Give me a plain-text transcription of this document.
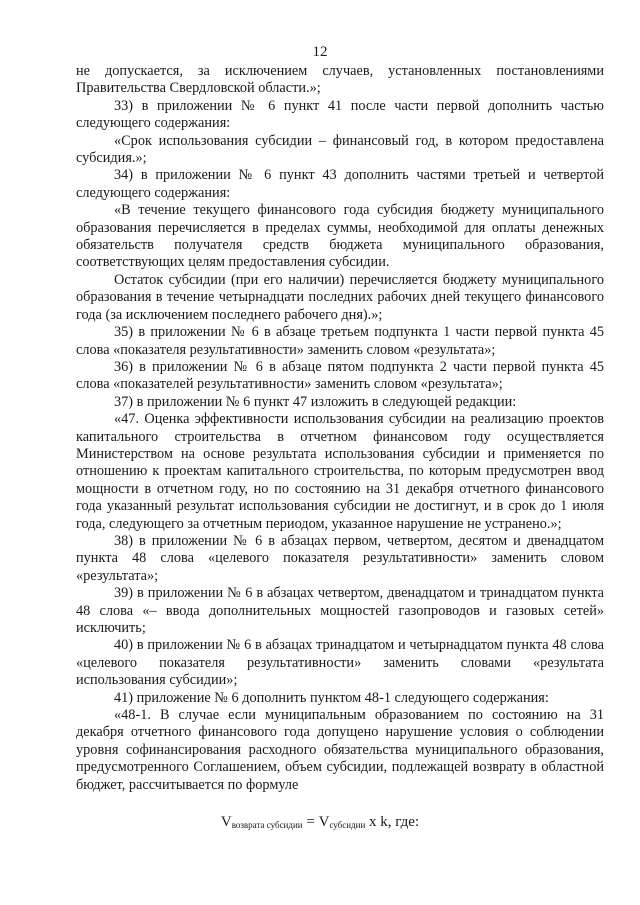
12

не допускается, за исключением случаев, установленных постановлениями Правительства Свердловской области.»;

33) в приложении № 6 пункт 41 после части первой дополнить частью следующего содержания:

«Срок использования субсидии – финансовый год, в котором предоставлена субсидия.»;

34) в приложении № 6 пункт 43 дополнить частями третьей и четвертой следующего содержания:

«В течение текущего финансового года субсидия бюджету муниципального образования перечисляется в пределах суммы, необходимой для оплаты денежных обязательств получателя средств бюджета муниципального образования, соответствующих целям предоставления субсидии.

Остаток субсидии (при его наличии) перечисляется бюджету муниципального образования в течение четырнадцати последних рабочих дней текущего финансового года (за исключением последнего рабочего дня).»;

35) в приложении № 6 в абзаце третьем подпункта 1 части первой пункта 45 слова «показателя результативности» заменить словом «результата»;

36) в приложении № 6 в абзаце пятом подпункта 2 части первой пункта 45 слова «показателей результативности» заменить словом «результата»;

37) в приложении № 6 пункт 47 изложить в следующей редакции:

«47. Оценка эффективности использования субсидии на реализацию проектов капитального строительства в отчетном финансовом году осуществляется Министерством на основе результата использования субсидии и применяется по отношению к проектам капитального строительства, по которым предусмотрен ввод мощности в отчетном году, но по состоянию на 31 декабря отчетного финансового года указанный результат использования субсидии не достигнут, и в срок до 1 июля года, следующего за отчетным периодом, указанное нарушение не устранено.»;

38) в приложении № 6 в абзацах первом, четвертом, десятом и двенадцатом пункта 48 слова «целевого показателя результативности» заменить словом «результата»;

39) в приложении № 6 в абзацах четвертом, двенадцатом и тринадцатом пункта 48 слова «– ввода дополнительных мощностей газопроводов и газовых сетей» исключить;

40) в приложении № 6 в абзацах тринадцатом и четырнадцатом пункта 48 слова «целевого показателя результативности» заменить словами «результата использования субсидии»;

41) приложение № 6 дополнить пунктом 48-1 следующего содержания:

«48-1. В случае если муниципальным образованием по состоянию на 31 декабря отчетного финансового года допущено нарушение условия о соблюдении уровня софинансирования расходного обязательства муниципального образования, предусмотренного Соглашением, объем субсидии, подлежащей возврату в областной бюджет, рассчитывается по формуле

$V_{возврата субсидии} = V_{субсидии}$ x k, где:
